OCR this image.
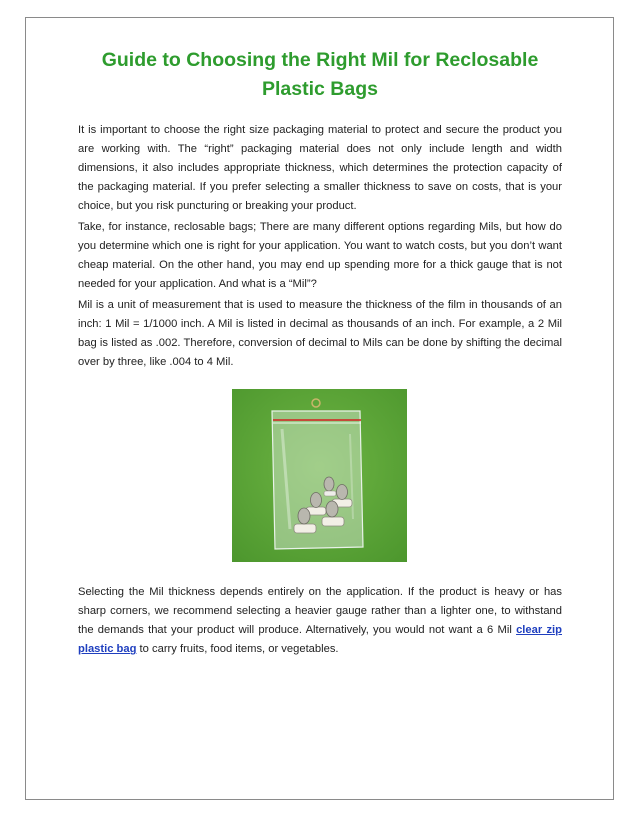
Guide to Choosing the Right Mil for Reclosable Plastic Bags

It is important to choose the right size packaging material to protect and secure the product you are working with. The “right” packaging material does not only include length and width dimensions, it also includes appropriate thickness, which determines the protection capacity of the packaging material. If you prefer selecting a smaller thickness to save on costs, that is your choice, but you risk puncturing or breaking your product.

Take, for instance, reclosable bags; There are many different options regarding Mils, but how do you determine which one is right for your application. You want to watch costs, but you don’t want cheap material. On the other hand, you may end up spending more for a thick gauge that is not needed for your application. And what is a “Mil”?

Mil is a unit of measurement that is used to measure the thickness of the film in thousands of an inch: 1 Mil = 1/1000 inch. A Mil is listed in decimal as thousands of an inch. For example, a 2 Mil bag is listed as .002. Therefore, conversion of decimal to Mils can be done by shifting the decimal over by three, like .004 to 4 Mil.

Selecting the Mil thickness depends entirely on the application. If the product is heavy or has sharp corners, we recommend selecting a heavier gauge rather than a lighter one, to withstand the demands that your product will produce. Alternatively, you would not want a 6 Mil clear zip plastic bag to carry fruits, food items, or vegetables.
